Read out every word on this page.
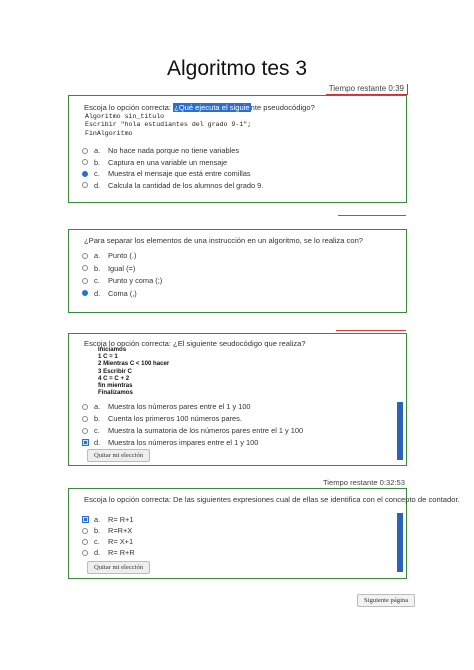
Algoritmo tes 3
Tiempo restante 0:39
Escoja lo opción correcta: ¿Qué ejecuta el siguiente pseudocódigo?
Algoritmo sin_titulo
Escribir "hola estudiantes del grado 9-1";
FinAlgoritmo
a.	No hace nada porque no tiene variables
b.	Captura en una variable un mensaje
c.	Muestra el mensaje que está entre comillas
d.	Calcula la cantidad de los alumnos del grado 9.
¿Para separar los elementos de una instrucción en un algoritmo, se lo realiza con?
a.	Punto (.)
b.	Igual (=)
c.	Punto y coma (;)
d.	Coma (,)
Escoja lo opción correcta: ¿El siguiente seudocódigo que realiza?
Iniciamos
1 C = 1
2 Mientras C < 100 hacer
3 Escribir C
4 C = C + 2
fin mientras
Finalizamos
a.	Muestra los números pares entre el 1 y 100
b.	Cuenta los primeros 100 números pares.
c.	Muestra la sumatoria de los números pares entre el 1 y 100
d.	Muestra los números impares entre el 1 y 100
Quitar mi elección
Tiempo restante 0:32:53
Escoja lo opción correcta: De las siguientes expresiones cual de ellas se identifica con el concepto de contador.
a.	R= R+1
b.	R=R+X
c.	R= X+1
d.	R= R+R
Quitar mi elección
Siguiente página
